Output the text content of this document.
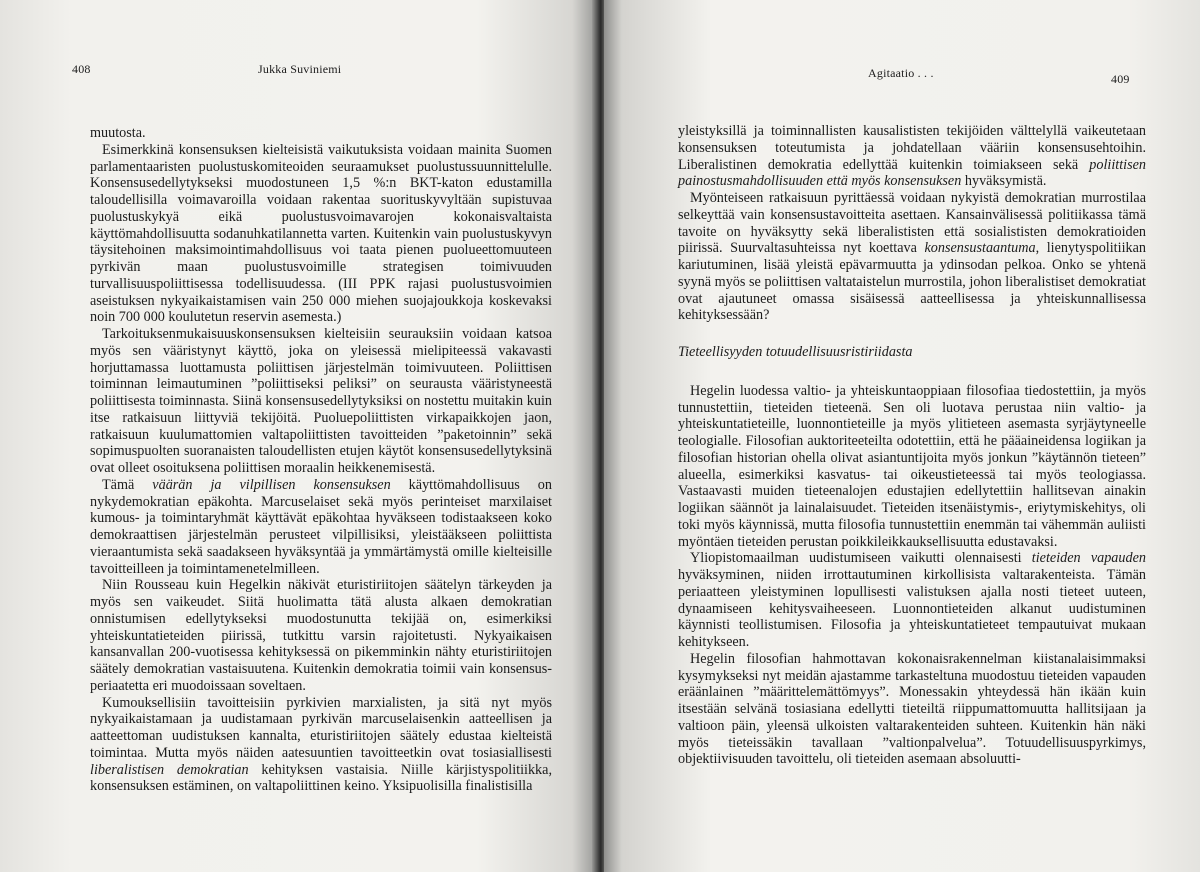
408	Jukka Suviniemi

muutosta.

Esimerkkinä konsensuksen kielteisistä vaikutuksista voidaan mainita Suomen parlamentaaristen puolustuskomiteoiden seuraamukset puolustussuunnittelulle. Konsensusedellytykseksi muodostuneen 1,5 %:n BKT-katon edustamilla taloudellisilla voimavaroilla voidaan rakentaa suorituskyvyltään supistuvaa puolustuskykyä eikä puolustusvoimavarojen kokonaisvaltaista käyttömahdollisuutta sodanuhkatilannetta varten. Kuitenkin vain puolustuskyvyn täysitehoinen maksimointimahdollisuus voi taata pienen puolueettomuuteen pyrkivän maan puolustusvoimille strategisen toimivuuden turvallisuuspoliittisessa todellisuudessa. (III PPK rajasi puolustusvoimien aseistuksen nykyaikaistamisen vain 250 000 miehen suojajoukkoja koskevaksi noin 700 000 koulutetun reservin asemesta.)

Tarkoituksenmukaisuuskonsensuksen kielteisiin seurauksiin voidaan katsoa myös sen vääristynyt käyttö, joka on yleisessä mielipiteessä vakavasti horjuttamassa luottamusta poliittisen järjestelmän toimivuuteen. Poliittisen toiminnan leimautuminen ”poliittiseksi peliksi” on seurausta vääristyneestä poliittisesta toiminnasta. Siinä konsensusedellytyksiksi on nostettu muitakin kuin itse ratkaisuun liittyviä tekijöitä. Puoluepoliittisten virkapaikkojen jaon, ratkaisuun kuulumattomien valtapoliittisten tavoitteiden ”paketoinnin” sekä sopimuspuolten suoranaisten taloudellisten etujen käytöt konsensusedellytyksinä ovat olleet osoituksena poliittisen moraalin heikkenemisestä.

Tämä väärän ja vilpillisen konsensuksen käyttömahdollisuus on nykydemokratian epäkohta. Marcuselaiset sekä myös perinteiset marxilaiset kumous- ja toimintaryhmät käyttävät epäkohtaa hyväkseen todistaakseen koko demokraattisen järjestelmän perusteet vilpillisiksi, yleistääkseen poliittista vieraantumista sekä saadakseen hyväksyntää ja ymmärtämystä omille kielteisille tavoitteilleen ja toimintamenetelmilleen.

Niin Rousseau kuin Hegelkin näkivät eturistiriitojen säätelyn tärkeyden ja myös sen vaikeudet. Siitä huolimatta tätä alusta alkaen demokratian onnistumisen edellytykseksi muodostunutta tekijää on, esimerkiksi yhteiskuntatieteiden piirissä, tutkittu varsin rajoitetusti. Nykyaikaisen kansanvallan 200-vuotisessa kehityksessä on pikemminkin nähty eturistiriitojen säätely demokratian vastaisuutena. Kuitenkin demokratia toimii vain konsensus-periaatetta eri muodoissaan soveltaen.

Kumouksellisiin tavoitteisiin pyrkivien marxialisten, ja sitä nyt myös nykyaikaistamaan ja uudistamaan pyrkivän marcuselaisenkin aatteellisen ja aatteettoman uudistuksen kannalta, eturistiriitojen säätely edustaa kielteistä toimintaa. Mutta myös näiden aatesuuntien tavoitteetkin ovat tosiasiallisesti liberalistisen demokratian kehityksen vastaisia. Niille kärjistyspolitiikka, konsensuksen estäminen, on valtapoliittinen keino. Yksipuolisilla finalistisilla

Agitaatio . . .	409

yleistyksillä ja toiminnallisten kausalististen tekijöiden välttelyllä vaikeutetaan konsensuksen toteutumista ja johdatellaan vääriin konsensusehtoihin. Liberalistinen demokratia edellyttää kuitenkin toimiakseen sekä poliittisen painostusmahdollisuuden että myös konsensuksen hyväksymistä.

Myönteiseen ratkaisuun pyrittäessä voidaan nykyistä demokratian murrostilaa selkeyttää vain konsensustavoitteita asettaen. Kansainvälisessä politiikassa tämä tavoite on hyväksytty sekä liberalististen että sosialististen demokratioiden piirissä. Suurvaltasuhteissa nyt koettava konsensustaantuma, lienytyspolitiikan kariutuminen, lisää yleistä epävarmuutta ja ydinsodan pelkoa. Onko se yhtenä syynä myös se poliittisen valtataistelun murrostila, johon liberalistiset demokratiat ovat ajautuneet omassa sisäisessä aatteellisessa ja yhteiskunnallisessa kehityksessään?

Tieteellisyyden totuudellisuusristiriidasta

Hegelin luodessa valtio- ja yhteiskuntaoppiaan filosofiaa tiedostettiin, ja myös tunnustettiin, tieteiden tieteenä. Sen oli luotava perustaa niin valtio- ja yhteiskuntatieteille, luonnontieteille ja myös ylitieteen asemasta syrjäytyneelle teologialle. Filosofian auktoriteeteilta odotettiin, että he pääaineidensa logiikan ja filosofian historian ohella olivat asiantuntijoita myös jonkun ”käytännön tieteen” alueella, esimerkiksi kasvatus- tai oikeustieteessä tai myös teologiassa. Vastaavasti muiden tieteenalojen edustajien edellytettiin hallitsevan ainakin logiikan säännöt ja lainalaisuudet. Tieteiden itsenäistymis-, eriytymiskehitys, oli toki myös käynnissä, mutta filosofia tunnustettiin enemmän tai vähemmän auliisti myöntäen tieteiden perustan poikkileikkauksellisuutta edustavaksi.

Yliopistomaailman uudistumiseen vaikutti olennaisesti tieteiden vapauden hyväksyminen, niiden irrottautuminen kirkollisista valtarakenteista. Tämän periaatteen yleistyminen lopullisesti valistuksen ajalla nosti tieteet uuteen, dynaamiseen kehitysvaiheeseen. Luonnontieteiden alkanut uudistuminen käynnisti teollistumisen. Filosofia ja yhteiskuntatieteet tempautuivat mukaan kehitykseen.

Hegelin filosofian hahmottavan kokonaisrakennelman kiistanalaisimmaksi kysymykseksi nyt meidän ajastamme tarkasteltuna muodostuu tieteiden vapauden eräänlainen ”määrittelemättömyys”. Monessakin yhteydessä hän ikään kuin itsestään selvänä tosiasiana edellytti tieteiltä riippumattomuutta hallitsijaan ja valtioon päin, yleensä ulkoisten valtarakenteiden suhteen. Kuitenkin hän näki myös tieteissäkin tavallaan ”valtionpalvelua”. Totuudellisuuspyrkimys, objektiivisuuden tavoittelu, oli tieteiden asemaan absoluutti-
